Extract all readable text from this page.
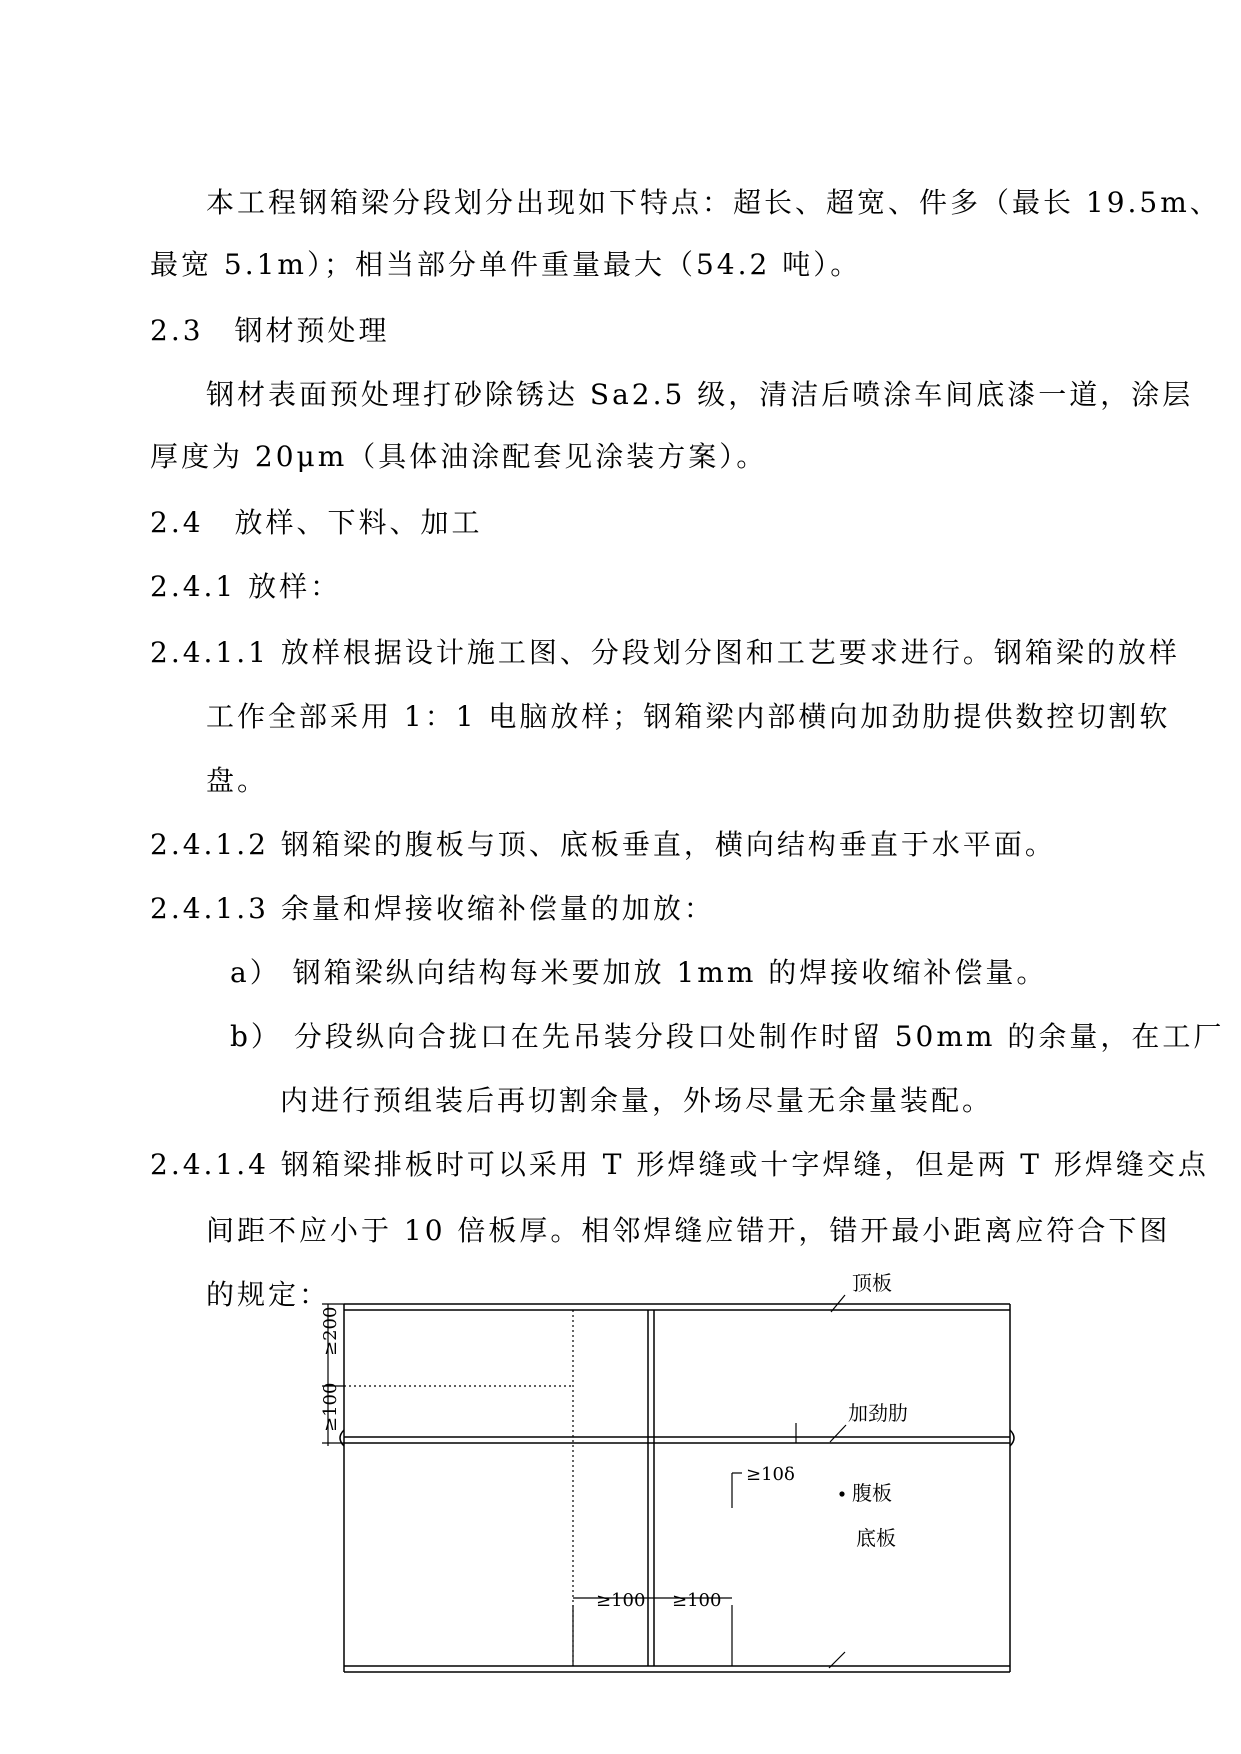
本工程钢箱梁分段划分出现如下特点：超长、超宽、件多（最长 19.5m、
最宽 5.1m）；相当部分单件重量最大（54.2 吨）。
2.3　钢材预处理
钢材表面预处理打砂除锈达 Sa2.5 级，清洁后喷涂车间底漆一道，涂层
厚度为 20μm（具体油涂配套见涂装方案）。
2.4　放样、下料、加工
2.4.1 放样：
2.4.1.1 放样根据设计施工图、分段划分图和工艺要求进行。钢箱梁的放样
工作全部采用 1：1 电脑放样；钢箱梁内部横向加劲肋提供数控切割软
盘。
2.4.1.2 钢箱梁的腹板与顶、底板垂直，横向结构垂直于水平面。
2.4.1.3 余量和焊接收缩补偿量的加放：
a） 钢箱梁纵向结构每米要加放 1mm 的焊接收缩补偿量。
b） 分段纵向合拢口在先吊装分段口处制作时留 50mm 的余量，在工厂
内进行预组装后再切割余量，外场尽量无余量装配。
2.4.1.4 钢箱梁排板时可以采用 T 形焊缝或十字焊缝，但是两 T 形焊缝交点
间距不应小于 10 倍板厚。相邻焊缝应错开，错开最小距离应符合下图
的规定：	顶板
加劲肋
腹板
底板
≥200
≥100
≥10δ
≥100 ≥100
